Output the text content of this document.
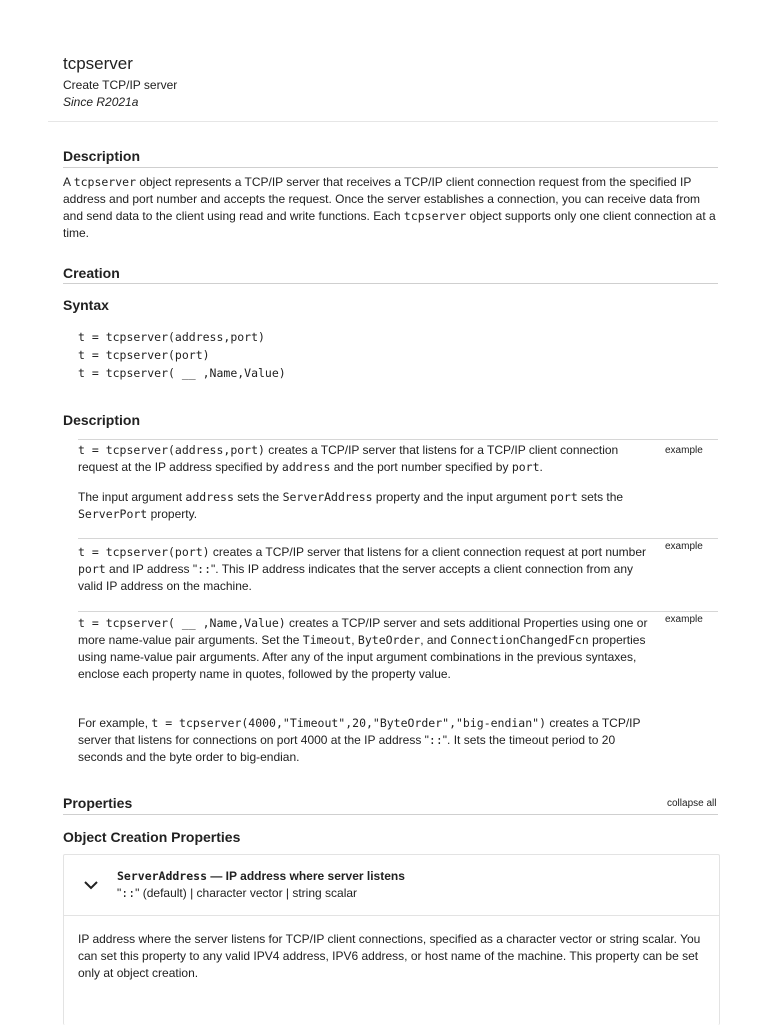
tcpserver
Create TCP/IP server
Since R2021a
Description
A tcpserver object represents a TCP/IP server that receives a TCP/IP client connection request from the specified IP address and port number and accepts the request. Once the server establishes a connection, you can receive data from and send data to the client using read and write functions. Each tcpserver object supports only one client connection at a time.
Creation
Syntax
t = tcpserver(address,port)
t = tcpserver(port)
t = tcpserver( __ ,Name,Value)
Description
t = tcpserver(address,port) creates a TCP/IP server that listens for a TCP/IP client connection request at the IP address specified by address and the port number specified by port.
example
The input argument address sets the ServerAddress property and the input argument port sets the ServerPort property.
t = tcpserver(port) creates a TCP/IP server that listens for a client connection request at port number port and IP address "::". This IP address indicates that the server accepts a client connection from any valid IP address on the machine.
example
t = tcpserver( __ ,Name,Value) creates a TCP/IP server and sets additional Properties using one or more name-value pair arguments. Set the Timeout, ByteOrder, and ConnectionChangedFcn properties using name-value pair arguments. After any of the input argument combinations in the previous syntaxes, enclose each property name in quotes, followed by the property value.
example
For example, t = tcpserver(4000,"Timeout",20,"ByteOrder","big-endian") creates a TCP/IP server that listens for connections on port 4000 at the IP address "::". It sets the timeout period to 20 seconds and the byte order to big-endian.
Properties	collapse all
Object Creation Properties
ServerAddress — IP address where server listens
"::" (default) | character vector | string scalar
IP address where the server listens for TCP/IP client connections, specified as a character vector or string scalar. You can set this property to any valid IPV4 address, IPV6 address, or host name of the machine. This property can be set only at object creation.
